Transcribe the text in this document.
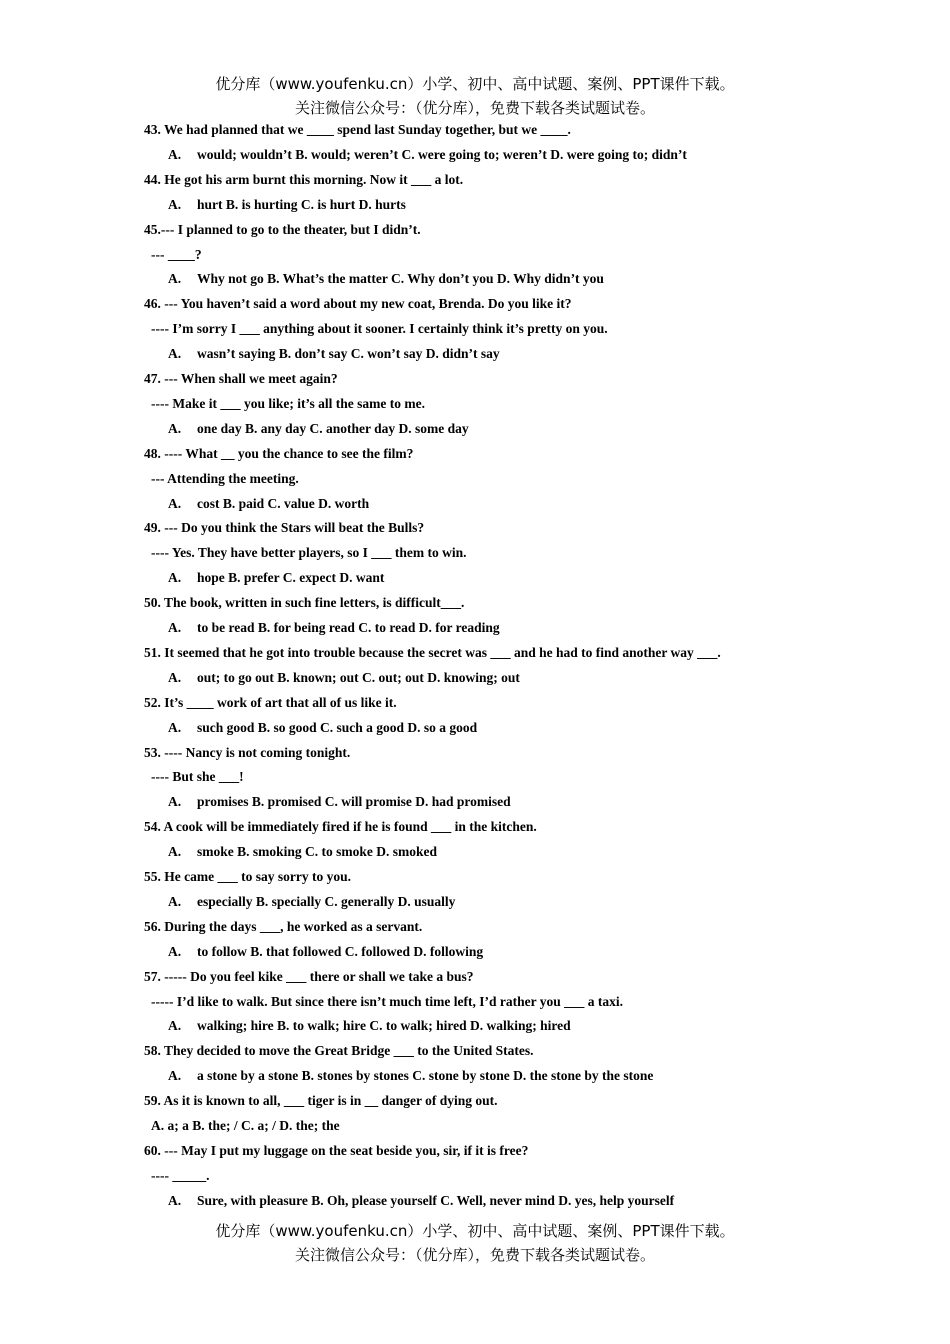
优分库（www.youfenku.cn）小学、初中、高中试题、案例、PPT课件下载。
关注微信公众号：（优分库），免费下载各类试题试卷。
43. We had planned that we ____ spend last Sunday together, but we ____.
A. would; wouldn’t B. would; weren’t C. were going to; weren’t D. were going to; didn’t
44. He got his arm burnt this morning. Now it ___ a lot.
A. hurt B. is hurting C. is hurt D. hurts
45.--- I planned to go to the theater, but I didn’t.
--- ____?
A. Why not go B. What’s the matter C. Why don’t you D. Why didn’t you
46. --- You haven’t said a word about my new coat, Brenda. Do you like it?
---- I’m sorry I ___ anything about it sooner. I certainly think it’s pretty on you.
A. wasn’t saying B. don’t say C. won’t say D. didn’t say
47. --- When shall we meet again?
---- Make it ___ you like; it’s all the same to me.
A. one day B. any day C. another day D. some day
48. ---- What __ you the chance to see the film?
--- Attending the meeting.
A. cost B. paid C. value D. worth
49. --- Do you think the Stars will beat the Bulls?
---- Yes. They have better players, so I ___ them to win.
A. hope B. prefer C. expect D. want
50. The book, written in such fine letters, is difficult___.
A. to be read B. for being read C. to read D. for reading
51. It seemed that he got into trouble because the secret was ___ and he had to find another way ___.
A. out; to go out B. known; out C. out; out D. knowing; out
52. It’s ____ work of art that all of us like it.
A. such good B. so good C. such a good D. so a good
53. ---- Nancy is not coming tonight.
---- But she ___!
A. promises B. promised C. will promise D. had promised
54. A cook will be immediately fired if he is found ___ in the kitchen.
A. smoke B. smoking C. to smoke D. smoked
55. He came ___ to say sorry to you.
A. especially B. specially C. generally D. usually
56. During the days ___, he worked as a servant.
A. to follow B. that followed C. followed D. following
57. ----- Do you feel kike ___ there or shall we take a bus?
----- I’d like to walk. But since there isn’t much time left, I’d rather you ___ a taxi.
A. walking; hire B. to walk; hire C. to walk; hired D. walking; hired
58. They decided to move the Great Bridge ___ to the United States.
A. a stone by a stone B. stones by stones C. stone by stone D. the stone by the stone
59. As it is known to all, ___ tiger is in __ danger of dying out.
A. a; a B. the; / C. a; / D. the; the
60. --- May I put my luggage on the seat beside you, sir, if it is free?
---- _____.
A. Sure, with pleasure B. Oh, please yourself C. Well, never mind D. yes, help yourself
优分库（www.youfenku.cn）小学、初中、高中试题、案例、PPT课件下载。
关注微信公众号：（优分库），免费下载各类试题试卷。
